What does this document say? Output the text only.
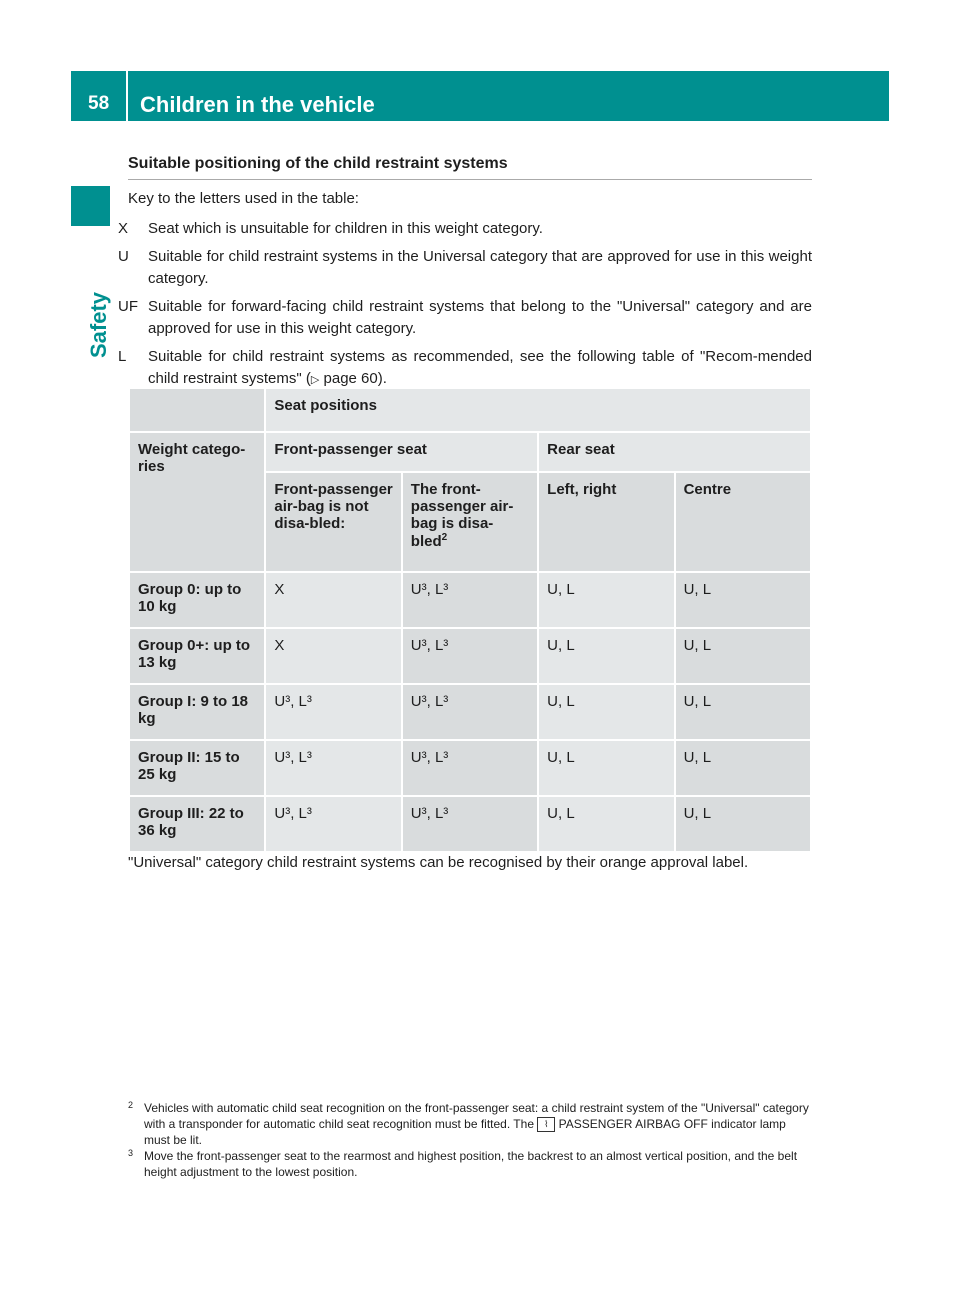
58 Children in the vehicle
Safety
Suitable positioning of the child restraint systems
Key to the letters used in the table:
X	Seat which is unsuitable for children in this weight category.
U	Suitable for child restraint systems in the Universal category that are approved for use in this weight category.
UF Suitable for forward-facing child restraint systems that belong to the "Universal" category and are approved for use in this weight category.
L	Suitable for child restraint systems as recommended, see the following table of "Recom-mended child restraint systems" (▷ page 60).
	Seat positions			
Weight catego-ries	Front-passenger seat		Rear seat	
	Front-passenger air-bag is not disa-bled:	The front-passenger air-bag is disa-bled$^2$	Left, right	Centre
Group 0: up to 10 kg	X	U³, L³	U, L	U, L
Group 0+: up to 13 kg	X	U³, L³	U, L	U, L
Group I: 9 to 18 kg	U³, L³	U³, L³	U, L	U, L
Group II: 15 to 25 kg	U³, L³	U³, L³	U, L	U, L
Group III: 22 to 36 kg	U³, L³	U³, L³	U, L	U, L
"Universal" category child restraint systems can be recognised by their orange approval label.
2 Vehicles with automatic child seat recognition on the front-passenger seat: a child restraint system of the "Universal" category with a transponder for automatic child seat recognition must be fitted. The ⌇ PASSENGER AIRBAG OFF indicator lamp must be lit.
3 Move the front-passenger seat to the rearmost and highest position, the backrest to an almost vertical position, and the belt height adjustment to the lowest position.
